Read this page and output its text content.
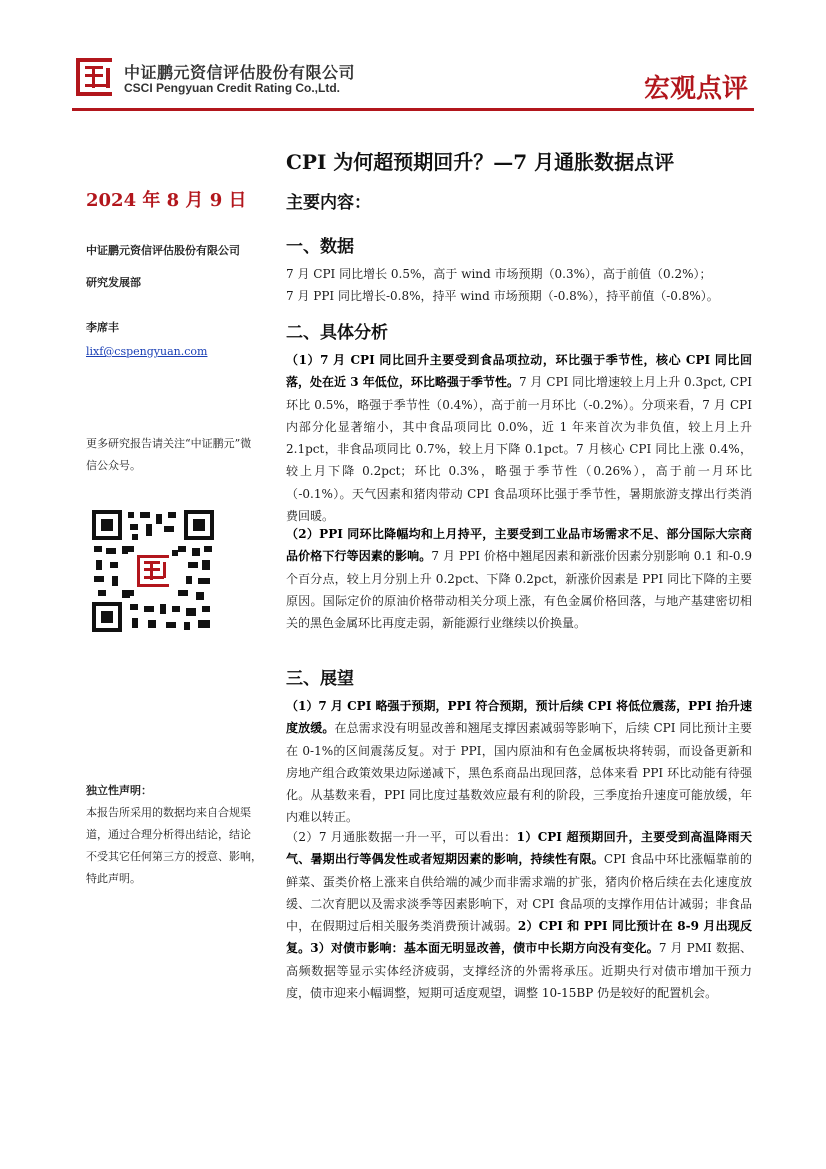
中证鹏元资信评估股份有限公司
CSCI Pengyuan Credit Rating Co.,Ltd.	宏观点评
CPI 为何超预期回升？—7 月通胀数据点评
2024 年 8 月 9 日
中证鹏元资信评估股份有限公司
研究发展部
李席丰
lixf@cspengyuan.com
更多研究报告请关注“中证鹏元”微
信公众号。
独立性声明：
本报告所采用的数据均来自合规渠
道，通过合理分析得出结论，结论
不受其它任何第三方的授意、影响，
特此声明。
主要内容：
一、数据

7 月 CPI 同比增长 0.5%，高于 wind 市场预期（0.3%），高于前值（0.2%）；

7 月 PPI 同比增长-0.8%，持平 wind 市场预期（-0.8%），持平前值（-0.8%）。

二、具体分析

（1）7 月 CPI 同比回升主要受到食品项拉动，环比强于季节性，核心 CPI 同比回落，处在近 3 年低位，环比略强于季节性。7 月 CPI 同比增速较上月上升 0.3pct, CPI 环比 0.5%，略强于季节性（0.4%），高于前一月环比（-0.2%）。分项来看，7 月 CPI 内部分化显著缩小，其中食品项同比 0.0%，近 1 年来首次为非负值，较上月上升 2.1pct，非食品项同比 0.7%，较上月下降 0.1pct。7 月核心 CPI 同比上涨 0.4%，较上月下降 0.2pct；环比 0.3%，略强于季节性（0.26%），高于前一月环比（-0.1%）。天气因素和猪肉带动 CPI 食品项环比强于季节性，暑期旅游支撑出行类消费回暖。

（2）PPI 同环比降幅均和上月持平，主要受到工业品市场需求不足、部分国际大宗商品价格下行等因素的影响。7 月 PPI 价格中翘尾因素和新涨价因素分别影响 0.1 和-0.9 个百分点，较上月分别上升 0.2pct、下降 0.2pct，新涨价因素是 PPI 同比下降的主要原因。国际定价的原油价格带动相关分项上涨，有色金属价格回落，与地产基建密切相关的黑色金属环比再度走弱，新能源行业继续以价换量。

三、展望

（1）7 月 CPI 略强于预期，PPI 符合预期，预计后续 CPI 将低位震荡，PPI 抬升速度放缓。在总需求没有明显改善和翘尾支撑因素减弱等影响下，后续 CPI 同比预计主要在 0-1%的区间震荡反复。对于 PPI，国内原油和有色金属板块将转弱，而设备更新和房地产组合政策效果边际递减下，黑色系商品出现回落，总体来看 PPI 环比动能有待强化。从基数来看，PPI 同比度过基数效应最有利的阶段，三季度抬升速度可能放缓，年内难以转正。

（2）7 月通胀数据一升一平，可以看出：1）CPI 超预期回升，主要受到高温降雨天气、暑期出行等偶发性或者短期因素的影响，持续性有限。CPI 食品中环比涨幅靠前的鲜菜、蛋类价格上涨来自供给端的减少而非需求端的扩张，猪肉价格后续在去化速度放缓、二次育肥以及需求淡季等因素影响下，对 CPI 食品项的支撑作用估计减弱；非食品中，在假期过后相关服务类消费预计减弱。2）CPI 和 PPI 同比预计在 8-9 月出现反复。3）对债市影响：基本面无明显改善，债市中长期方向没有变化。7 月 PMI 数据、高频数据等显示实体经济疲弱，支撑经济的外需将承压。近期央行对债市增加干预力度，债市迎来小幅调整，短期可适度观望，调整 10-15BP 仍是较好的配置机会。
